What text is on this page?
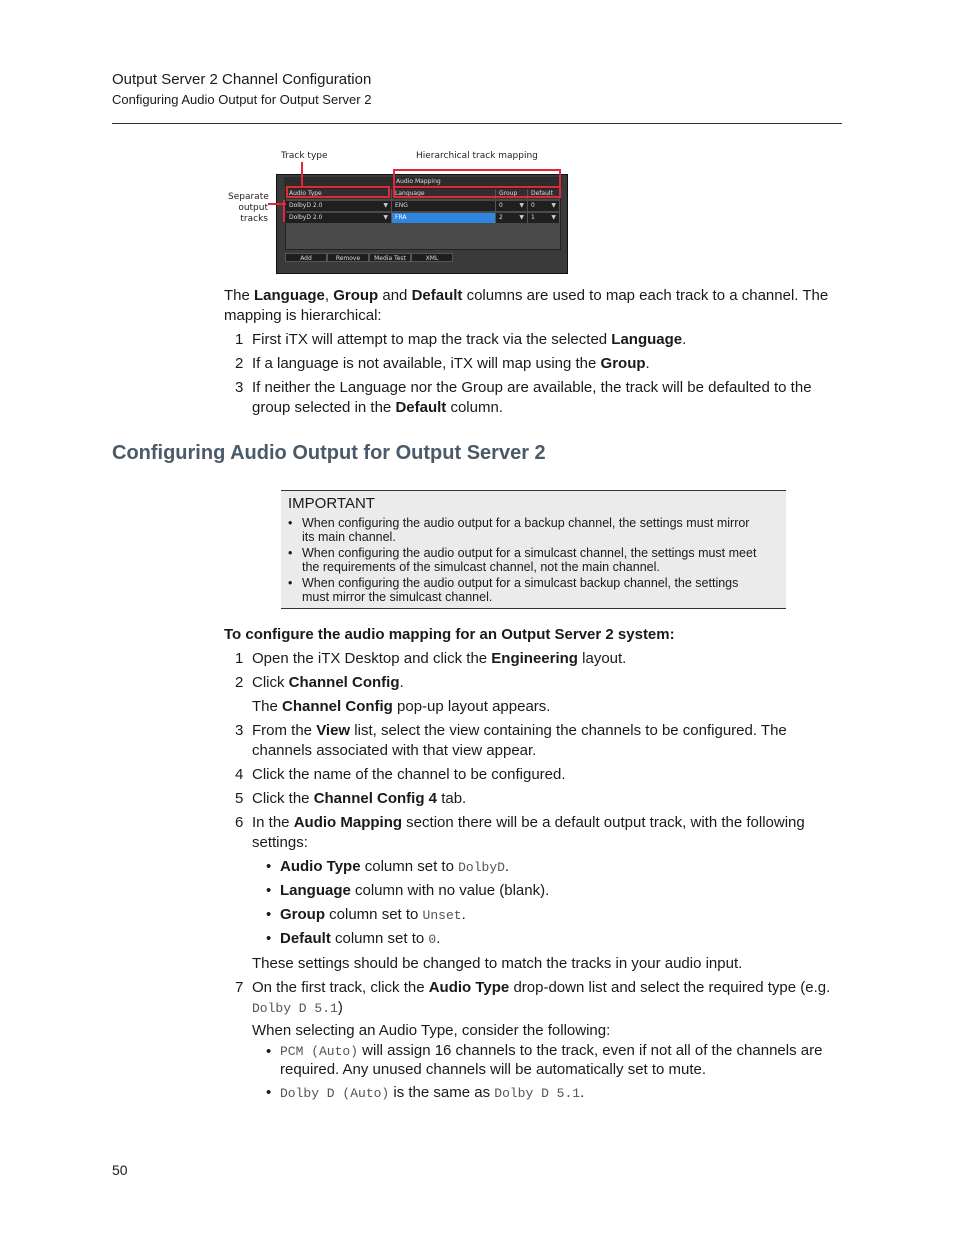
Output Server 2 Channel Configuration
Configuring Audio Output for Output Server 2
Track type	Hierarchical track mapping
Separate
output
tracks
Audio Mapping
Audio Type	Language	Group	Default
DolbyD 2.0	▼	ENG	0	▼	0	▼
DolbyD 2.0	▼	FRA	2	▼	1	▼
Add	Remove	Media Test	XML
The Language, Group and Default columns are used to map each track to a channel. The
mapping is hierarchical:
1 First iTX will attempt to map the track via the selected Language.
2 If a language is not available, iTX will map using the Group.
3 If neither the Language nor the Group are available, the track will be defaulted to the
group selected in the Default column.
Configuring Audio Output for Output Server 2
IMPORTANT
• When configuring the audio output for a backup channel, the settings must mirror
its main channel.
• When configuring the audio output for a simulcast channel, the settings must meet
the requirements of the simulcast channel, not the main channel.
• When configuring the audio output for a simulcast backup channel, the settings
must mirror the simulcast channel.
To configure the audio mapping for an Output Server 2 system:
1 Open the iTX Desktop and click the Engineering layout.
2 Click Channel Config.
The Channel Config pop-up layout appears.
3 From the View list, select the view containing the channels to be configured. The
channels associated with that view appear.
4 Click the name of the channel to be configured.
5 Click the Channel Config 4 tab.
6 In the Audio Mapping section there will be a default output track, with the following
settings:
• Audio Type column set to DolbyD.
• Language column with no value (blank).
• Group column set to Unset.
• Default column set to 0.
These settings should be changed to match the tracks in your audio input.
7 On the first track, click the Audio Type drop-down list and select the required type (e.g.
Dolby D 5.1)
When selecting an Audio Type, consider the following:
• PCM (Auto) will assign 16 channels to the track, even if not all of the channels are
required. Any unused channels will be automatically set to mute.
• Dolby D (Auto) is the same as Dolby D 5.1.
50
